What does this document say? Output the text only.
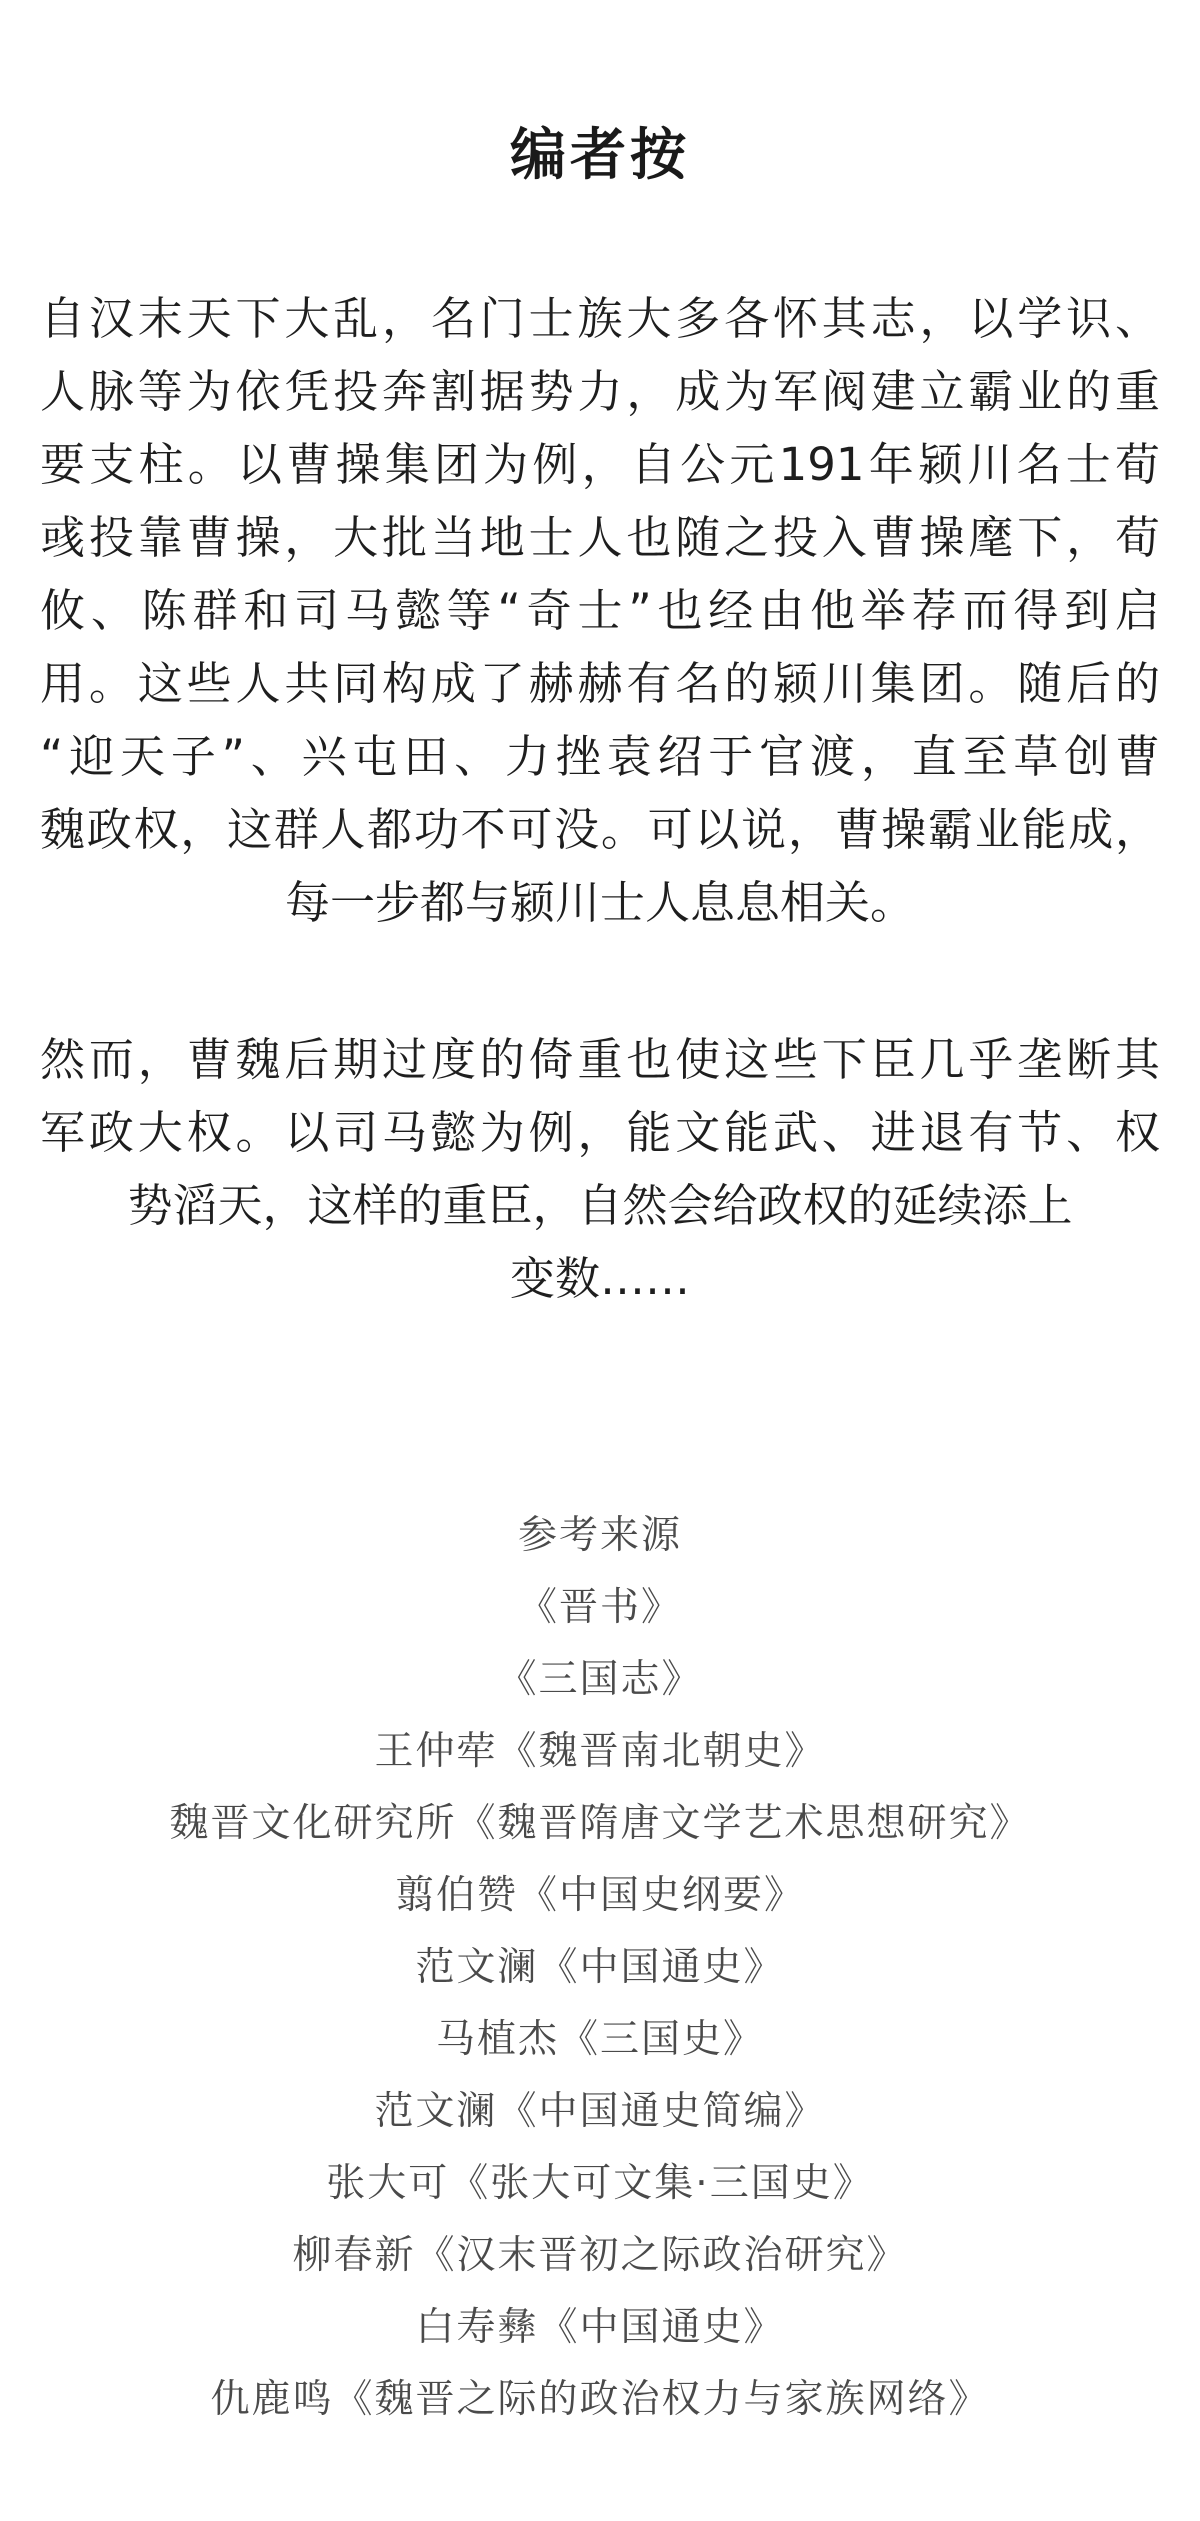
编者按
自汉末天下大乱，名门士族大多各怀其志，以学识、
人脉等为依凭投奔割据势力，成为军阀建立霸业的重
要支柱。以曹操集团为例，自公元191年颍川名士荀
彧投靠曹操，大批当地士人也随之投入曹操麾下，荀
攸、陈群和司马懿等“奇士”也经由他举荐而得到启
用。这些人共同构成了赫赫有名的颍川集团。随后的
“迎天子”、兴屯田、力挫袁绍于官渡，直至草创曹
魏政权，这群人都功不可没。可以说，曹操霸业能成，
每一步都与颍川士人息息相关。
然而，曹魏后期过度的倚重也使这些下臣几乎垄断其
军政大权。以司马懿为例，能文能武、进退有节、权
势滔天，这样的重臣，自然会给政权的延续添上
变数……
参考来源
《晋书》
《三国志》
王仲荦《魏晋南北朝史》
魏晋文化研究所《魏晋隋唐文学艺术思想研究》
翦伯赞《中国史纲要》
范文澜《中国通史》
马植杰《三国史》
范文澜《中国通史简编》
张大可《张大可文集·三国史》
柳春新《汉末晋初之际政治研究》
白寿彝《中国通史》
仇鹿鸣《魏晋之际的政治权力与家族网络》
